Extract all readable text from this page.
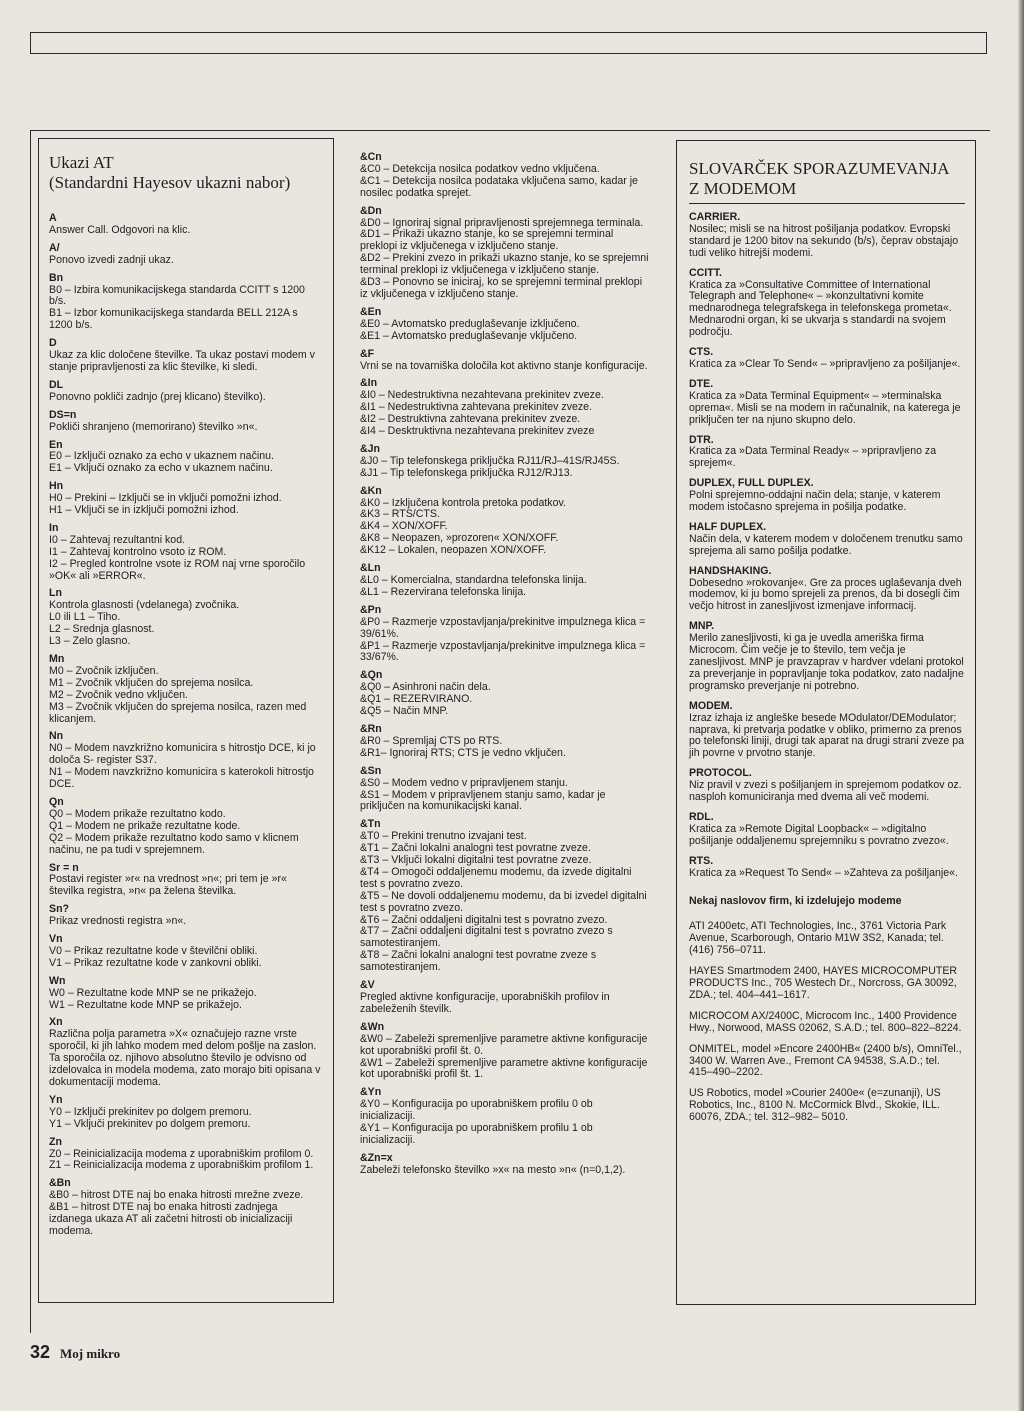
Ukazi AT
(Standardni Hayesov ukazni nabor)
A
Answer Call. Odgovori na klic.
A/
Ponovo izvedi zadnji ukaz.
Bn
B0 – Izbira komunikacijskega standarda CCITT s 1200 b/s.
B1 – Izbor komunikacijskega standarda BELL 212A s 1200 b/s.
D
Ukaz za klic določene številke. Ta ukaz postavi modem v stanje pripravljenosti za klic številke, ki sledi.
DL
Ponovno pokliči zadnjo (prej klicano) številko).
DS=n
Pokliči shranjeno (memorirano) številko »n«.
En
E0 – Izključi oznako za echo v ukaznem načinu.
E1 – Vključi oznako za echo v ukaznem načinu.
Hn
H0 – Prekini – Izključi se in vključi pomožni izhod.
H1 – Vključi se in izključi pomožni izhod.
In
I0 – Zahtevaj rezultantni kod.
I1 – Zahtevaj kontrolno vsoto iz ROM.
I2 – Pregled kontrolne vsote iz ROM naj vrne sporočilo »OK« ali »ERROR«.
Ln
Kontrola glasnosti (vdelanega) zvočnika.
L0 ili L1 – Tiho.
L2 – Srednja glasnost.
L3 – Zelo glasno.
Mn
M0 – Zvočnik izključen.
M1 – Zvočnik vključen do sprejema nosilca.
M2 – Zvočnik vedno vključen.
M3 – Zvočnik vključen do sprejema nosilca, razen med klicanjem.
Nn
N0 – Modem navzkrižno komunicira s hitrostjo DCE, ki jo določa S- register S37.
N1 – Modem navzkrižno komunicira s katerokoli hitrostjo DCE.
Qn
Q0 – Modem prikaže rezultatno kodo.
Q1 – Modem ne prikaže rezultatne kode.
Q2 – Modem prikaže rezultatno kodo samo v klicnem načinu, ne pa tudi v sprejemnem.
Sr = n
Postavi register »r« na vrednost »n«; pri tem je »r« številka registra, »n« pa želena številka.
Sn?
Prikaz vrednosti registra »n«.
Vn
V0 – Prikaz rezultatne kode v številčni obliki.
V1 – Prikaz rezultatne kode v zankovni obliki.
Wn
W0 – Rezultatne kode MNP se ne prikažejo.
W1 – Rezultatne kode MNP se prikažejo.
Xn
Različna polja parametra »X« označujejo razne vrste sporočil, ki jih lahko modem med delom pošlje na zaslon. Ta sporočila oz. njihovo absolutno število je odvisno od izdelovalca in modela modema, zato morajo biti opisana v dokumentaciji modema.
Yn
Y0 – Izključi prekinitev po dolgem premoru.
Y1 – Vključi prekinitev po dolgem premoru.
Zn
Z0 – Reinicializacija modema z uporabniškim profilom 0.
Z1 – Reinicializacija modema z uporabniškim profilom 1.
&Bn
&B0 – hitrost DTE naj bo enaka hitrosti mrežne zveze.
&B1 – hitrost DTE naj bo enaka hitrosti zadnjega izdanega ukaza AT ali začetni hitrosti ob inicializaciji modema.
&Cn
&C0 – Detekcija nosilca podatkov vedno vključena.
&C1 – Detekcija nosilca podataka vključena samo, kadar je nosilec podatka sprejet.
&Dn
&D0 – Ignoriraj signal pripravljenosti sprejemnega terminala.
&D1 – Prikaži ukazno stanje, ko se sprejemni terminal preklopi iz vključenega v izključeno stanje.
&D2 – Prekini zvezo in prikaži ukazno stanje, ko se sprejemni terminal preklopi iz vključenega v izključeno stanje.
&D3 – Ponovno se iniciraj, ko se sprejemni terminal preklopi iz vključenega v izključeno stanje.
&En
&E0 – Avtomatsko preduglaševanje izključeno.
&E1 – Avtomatsko preduglaševanje vključeno.
&F
Vrni se na tovarniška določila kot aktivno stanje konfiguracije.
&In
&I0 – Nedestruktivna nezahtevana prekinitev zveze.
&I1 – Nedestruktivna zahtevana prekinitev zveze.
&I2 – Destruktivna zahtevana prekinitev zveze.
&I4 – Desktruktivna nezahtevana prekinitev zveze
&Jn
&J0 – Tip telefonskega priključka RJ11/RJ–41S/RJ45S.
&J1 – Tip telefonskega priključka RJ12/RJ13.
&Kn
&K0 – Izključena kontrola pretoka podatkov.
&K3 – RTS/CTS.
&K4 – XON/XOFF.
&K8 – Neopazen, »prozoren« XON/XOFF.
&K12 – Lokalen, neopazen XON/XOFF.
&Ln
&L0 – Komercialna, standardna telefonska linija.
&L1 – Rezervirana telefonska linija.
&Pn
&P0 – Razmerje vzpostavljanja/prekinitve impulznega klica = 39/61%.
&P1 – Razmerje vzpostavljanja/prekinitve impulznega klica = 33/67%.
&Qn
&Q0 – Asinhroni način dela.
&Q1 – REZERVIRANO.
&Q5 – Način MNP.
&Rn
&R0 – Spremljaj CTS po RTS.
&R1– Ignoriraj RTS; CTS je vedno vključen.
&Sn
&S0 – Modem vedno v pripravljenem stanju.
&S1 – Modem v pripravljenem stanju samo, kadar je priključen na komunikacijski kanal.
&Tn
&T0 – Prekini trenutno izvajani test.
&T1 – Začni lokalni analogni test povratne zveze.
&T3 – Vključi lokalni digitalni test povratne zveze.
&T4 – Omogoči oddaljenemu modemu, da izvede digitalni test s povratno zvezo.
&T5 – Ne dovoli oddaljenemu modemu, da bi izvedel digitalni test s povratno zvezo.
&T6 – Začni oddaljeni digitalni test s povratno zvezo.
&T7 – Začni oddaljeni digitalni test s povratno zvezo s samotestiranjem.
&T8 – Začni lokalni analogni test povratne zveze s samotestiranjem.
&V
Pregled aktivne konfiguracije, uporabniških profilov in zabeleženih številk.
&Wn
&W0 – Zabeleži spremenljive parametre aktivne konfiguracije kot uporabniški profil št. 0.
&W1 – Zabeleži spremenljive parametre aktivne konfiguracije kot uporabniški profil št. 1.
&Yn
&Y0 – Konfiguracija po uporabniškem profilu 0 ob inicializaciji.
&Y1 – Konfiguracija po uporabniškem profilu 1 ob inicializaciji.
&Zn=x
Zabeleži telefonsko številko »x« na mesto »n« (n=0,1,2).
SLOVARČEK SPORAZUMEVANJA
Z MODEMOM
CARRIER.
Nosilec; misli se na hitrost pošiljanja podatkov. Evropski standard je 1200 bitov na sekundo (b/s), čeprav obstajajo tudi veliko hitrejši modemi.
CCITT.
Kratica za »Consultative Committee of International Telegraph and Telephone« – »konzultativni komite mednarodnega telegrafskega in telefonskega prometa«. Mednarodni organ, ki se ukvarja s standardi na svojem področju.
CTS.
Kratica za »Clear To Send« – »pripravljeno za pošiljanje«.
DTE.
Kratica za »Data Terminal Equipment« – »terminalska oprema«. Misli se na modem in računalnik, na katerega je priključen ter na njuno skupno delo.
DTR.
Kratica za »Data Terminal Ready« – »pripravljeno za sprejem«.
DUPLEX, FULL DUPLEX.
Polni sprejemno-oddajni način dela; stanje, v katerem modem istočasno sprejema in pošilja podatke.
HALF DUPLEX.
Način dela, v katerem modem v določenem trenutku samo sprejema ali samo pošilja podatke.
HANDSHAKING.
Dobesedno »rokovanje«. Gre za proces uglaševanja dveh modemov, ki ju bomo sprejeli za prenos, da bi dosegli čim večjo hitrost in zanesljivost izmenjave informacij.
MNP.
Merilo zanesljivosti, ki ga je uvedla ameriška firma Microcom. Čim večje je to število, tem večja je zanesljivost. MNP je pravzaprav v hardver vdelani protokol za preverjanje in popravljanje toka podatkov, zato nadaljne programsko preverjanje ni potrebno.
MODEM.
Izraz izhaja iz angleške besede MOdulator/DEModulator; naprava, ki pretvarja podatke v obliko, primerno za prenos po telefonski liniji, drugi tak aparat na drugi strani zveze pa jih povrne v prvotno stanje.
PROTOCOL.
Niz pravil v zvezi s pošiljanjem in sprejemom podatkov oz. nasploh komuniciranja med dvema ali več modemi.
RDL.
Kratica za »Remote Digital Loopback« – »digitalno pošiljanje oddaljenemu sprejemniku s povratno zvezo«.
RTS.
Kratica za »Request To Send« – »Zahteva za pošiljanje«.
Nekaj naslovov firm, ki izdelujejo modeme
ATI 2400etc, ATI Technologies, Inc., 3761 Victoria Park Avenue, Scarborough, Ontario M1W 3S2, Kanada; tel. (416) 756–0711.
HAYES Smartmodem 2400, HAYES MICROCOMPUTER PRODUCTS Inc., 705 Westech Dr., Norcross, GA 30092, ZDA.; tel. 404–441–1617.
MICROCOM AX/2400C, Microcom Inc., 1400 Providence Hwy., Norwood, MASS 02062, S.A.D.; tel. 800–822–8224.
ONMITEL, model »Encore 2400HB« (2400 b/s), OmniTel., 3400 W. Warren Ave., Fremont CA 94538, S.A.D.; tel. 415–490–2202.
US Robotics, model »Courier 2400e« (e=zunanji), US Robotics, Inc., 8100 N. McCormick Blvd., Skokie, ILL. 60076, ZDA.; tel. 312–982– 5010.
32 Moj mikro
